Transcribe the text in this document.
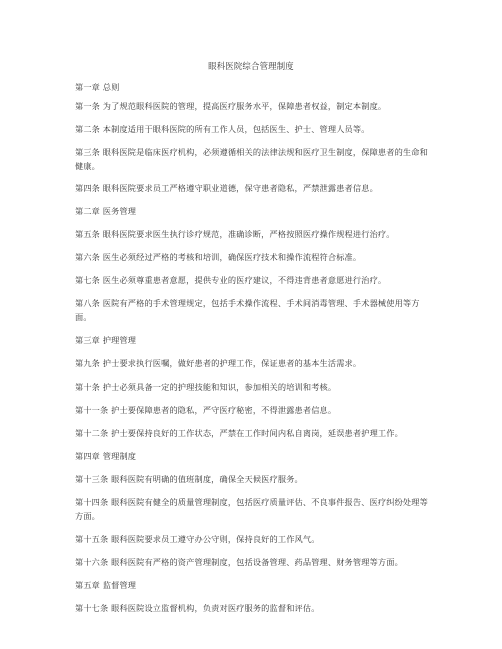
眼科医院综合管理制度
第一章 总则
第一条 为了规范眼科医院的管理，提高医疗服务水平，保障患者权益，制定本制度。
第二条 本制度适用于眼科医院的所有工作人员，包括医生、护士、管理人员等。
第三条 眼科医院是临床医疗机构，必须遵循相关的法律法规和医疗卫生制度，保障患者的生命和健康。
第四条 眼科医院要求员工严格遵守职业道德，保守患者隐私，严禁泄露患者信息。
第二章 医务管理
第五条 眼科医院要求医生执行诊疗规范，准确诊断，严格按照医疗操作规程进行治疗。
第六条 医生必须经过严格的考核和培训，确保医疗技术和操作流程符合标准。
第七条 医生必须尊重患者意愿，提供专业的医疗建议，不得违背患者意愿进行治疗。
第八条 医院有严格的手术管理规定，包括手术操作流程、手术间消毒管理、手术器械使用等方面。
第三章 护理管理
第九条 护士要求执行医嘱，做好患者的护理工作，保证患者的基本生活需求。
第十条 护士必须具备一定的护理技能和知识，参加相关的培训和考核。
第十一条 护士要保障患者的隐私，严守医疗秘密，不得泄露患者信息。
第十二条 护士要保持良好的工作状态，严禁在工作时间内私自离岗，延误患者护理工作。
第四章 管理制度
第十三条 眼科医院有明确的值班制度，确保全天候医疗服务。
第十四条 眼科医院有健全的质量管理制度，包括医疗质量评估、不良事件报告、医疗纠纷处理等方面。
第十五条 眼科医院要求员工遵守办公守则，保持良好的工作风气。
第十六条 眼科医院有严格的资产管理制度，包括设备管理、药品管理、财务管理等方面。
第五章 监督管理
第十七条 眼科医院设立监督机构，负责对医疗服务的监督和评估。
